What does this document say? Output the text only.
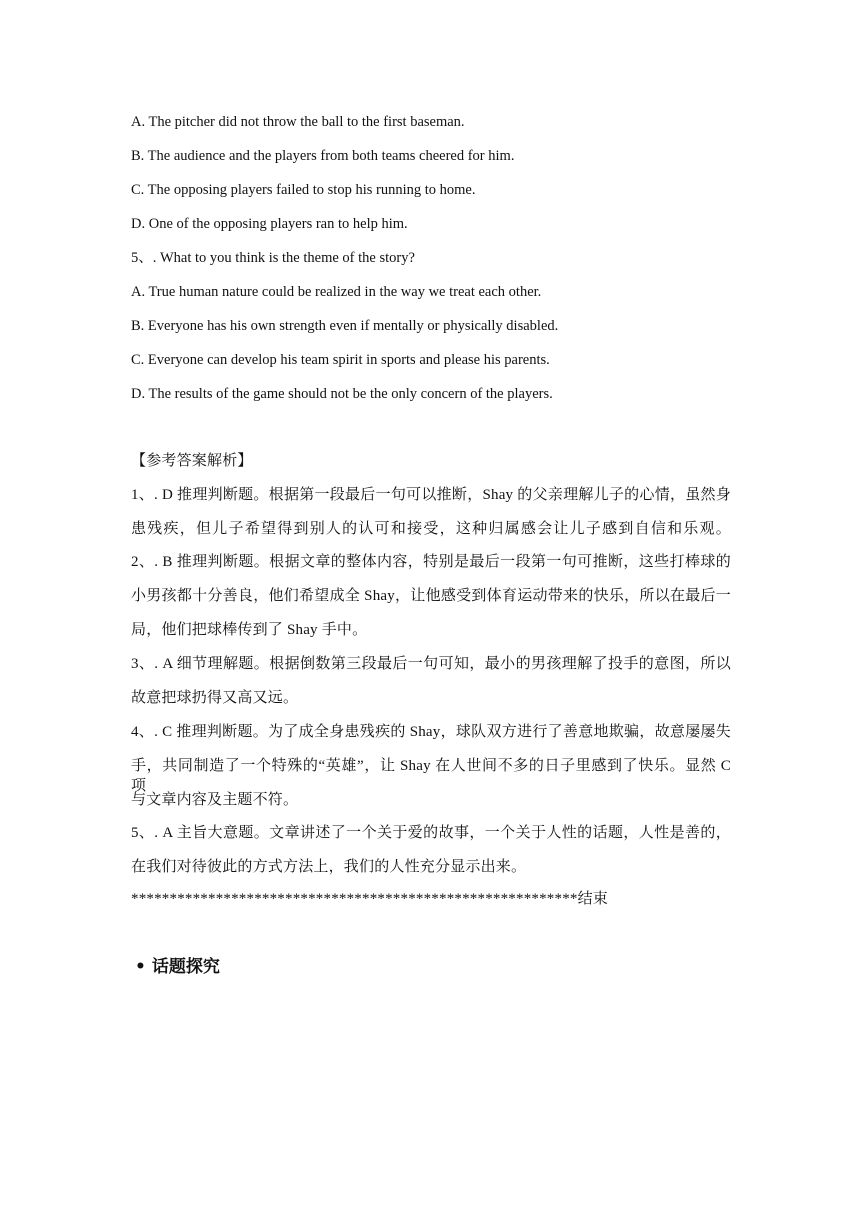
A. The pitcher did not throw the ball to the first baseman.
B. The audience and the players from both teams cheered for him.
C. The opposing players failed to stop his running to home.
D. One of the opposing players ran to help him.
5、. What to you think is the theme of the story?
A. True human nature could be realized in the way we treat each other.
B. Everyone has his own strength even if mentally or physically disabled.
C. Everyone can develop his team spirit in sports and please his parents.
D. The results of the game should not be the only concern of the players.
【参考答案解析】
1、. D 推理判断题。根据第一段最后一句可以推断，Shay 的父亲理解儿子的心情，虽然身
患残疾，但儿子希望得到别人的认可和接受，这种归属感会让儿子感到自信和乐观。
2、. B 推理判断题。根据文章的整体内容，特别是最后一段第一句可推断，这些打棒球的
小男孩都十分善良，他们希望成全 Shay，让他感受到体育运动带来的快乐，所以在最后一
局，他们把球棒传到了 Shay 手中。
3、. A 细节理解题。根据倒数第三段最后一句可知，最小的男孩理解了投手的意图，所以
故意把球扔得又高又远。
4、. C 推理判断题。为了成全身患残疾的 Shay，球队双方进行了善意地欺骗，故意屡屡失
手，共同制造了一个特殊的“英雄”，让 Shay 在人世间不多的日子里感到了快乐。显然 C 项
与文章内容及主题不符。
5、. A 主旨大意题。文章讲述了一个关于爱的故事，一个关于人性的话题，人性是善的，
在我们对待彼此的方式方法上，我们的人性充分显示出来。
**********************************************************结束
• 话题探究
